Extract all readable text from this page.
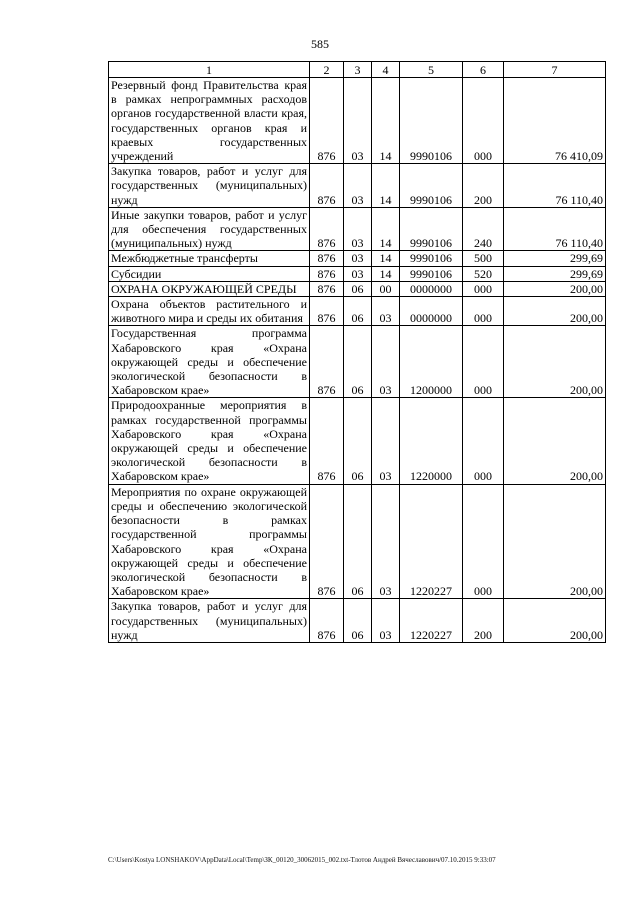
585
1	2	3	4	5	6	7

Резервный фонд Правительства края в рамках непрограммных расходов органов государственной власти края, государственных органов края и краевых государственных учреждений	876	03	14	9990106	000	76 410,09

Закупка товаров, работ и услуг для государственных (муниципальных) нужд	876	03	14	9990106	200	76 110,40

Иные закупки товаров, работ и услуг для обеспечения государственных (муниципальных) нужд	876	03	14	9990106	240	76 110,40

Межбюджетные трансферты	876	03	14	9990106	500	299,69

Субсидии	876	03	14	9990106	520	299,69

ОХРАНА ОКРУЖАЮЩЕЙ СРЕДЫ	876	06	00	0000000	000	200,00

Охрана объектов растительного и животного мира и среды их обитания	876	06	03	0000000	000	200,00

Государственная программа Хабаровского края «Охрана окружающей среды и обеспечение экологической безопасности в Хабаровском крае»	876	06	03	1200000	000	200,00

Природоохранные мероприятия в рамках государственной программы Хабаровского края «Охрана окружающей среды и обеспечение экологической безопасности в Хабаровском крае»	876	06	03	1220000	000	200,00

Мероприятия по охране окружающей среды и обеспечению экологической безопасности в рамках государственной программы Хабаровского края «Охрана окружающей среды и обеспечение экологической безопасности в Хабаровском крае»	876	06	03	1220227	000	200,00

Закупка товаров, работ и услуг для государственных (муниципальных) нужд	876	06	03	1220227	200	200,00
C:\Users\Kostya LONSHAKOV\AppData\Local\Temp\ЗК_00120_30062015_002.txt-Тлотов Андрей Вячеславович/07.10.2015 9:33:07
